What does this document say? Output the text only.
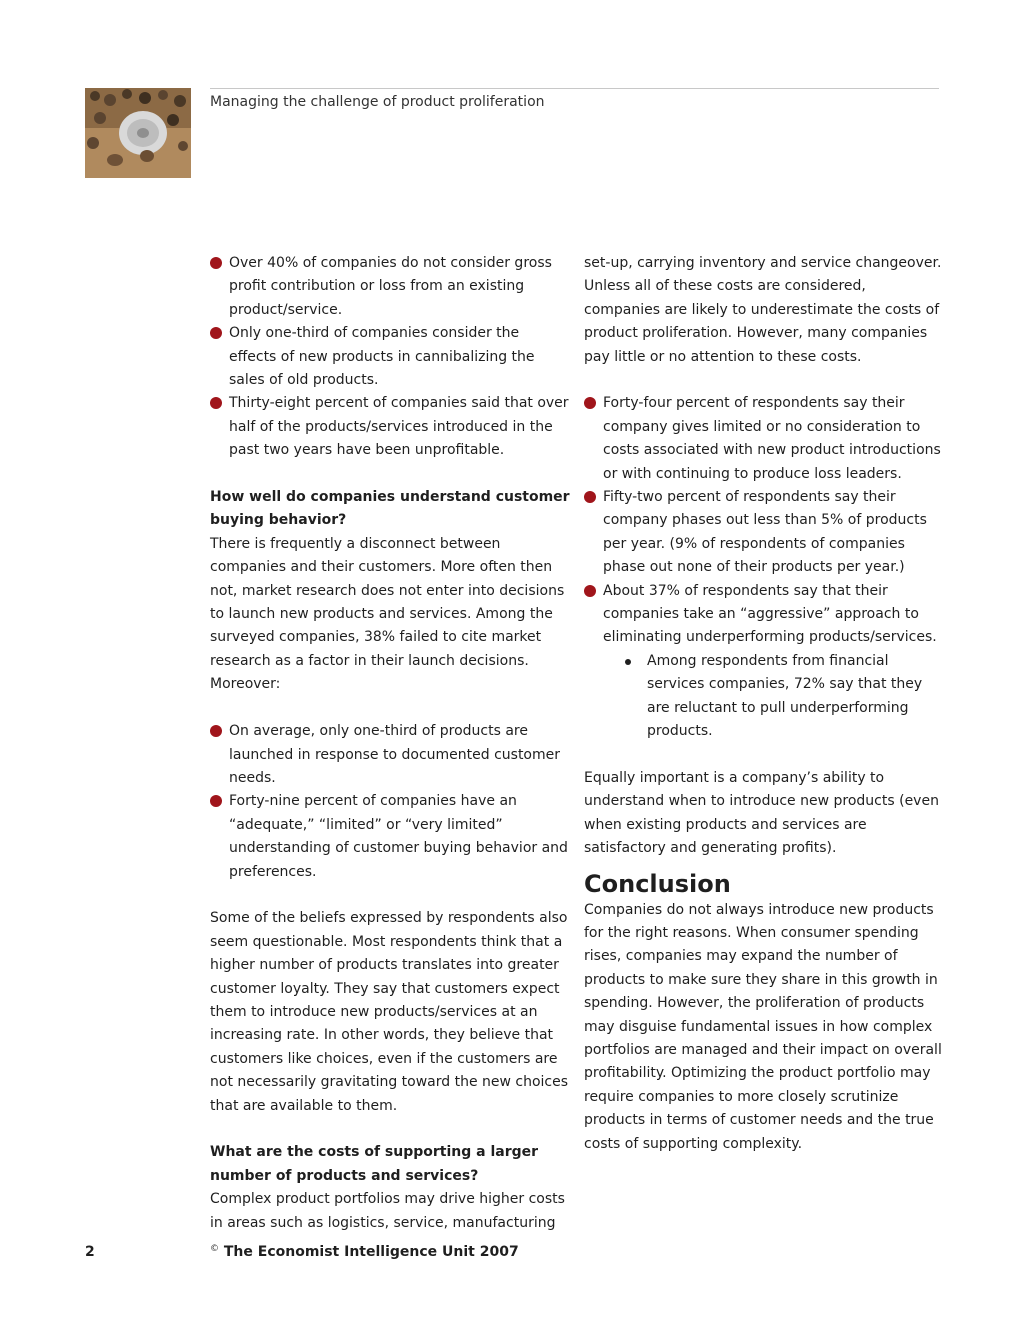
Managing the challenge of product proliferation
Over 40% of companies do not consider gross profit contribution or loss from an existing product/service.
Only one-third of companies consider the effects of new products in cannibalizing the sales of old products.
Thirty-eight percent of companies said that over half of the products/services introduced in the past two years have been unprofitable.

How well do companies understand customer buying behavior?

There is frequently a disconnect between companies and their customers. More often then not, market research does not enter into decisions to launch new products and services. Among the surveyed companies, 38% failed to cite market research as a factor in their launch decisions. Moreover:

On average, only one-third of products are launched in response to documented customer needs.
Forty-nine percent of companies have an “adequate,” “limited” or “very limited” understanding of customer buying behavior and preferences.

Some of the beliefs expressed by respondents also seem questionable. Most respondents think that a higher number of products translates into greater customer loyalty. They say that customers expect them to introduce new products/services at an increasing rate. In other words, they believe that customers like choices, even if the customers are not necessarily gravitating toward the new choices that are available to them.

What are the costs of supporting a larger number of products and services?

Complex product portfolios may drive higher costs in areas such as logistics, service, manufacturing

set-up, carrying inventory and service changeover. Unless all of these costs are considered, companies are likely to underestimate the costs of product proliferation. However, many companies pay little or no attention to these costs.

Forty-four percent of respondents say their company gives limited or no consideration to costs associated with new product introductions or with continuing to produce loss leaders.
Fifty-two percent of respondents say their company phases out less than 5% of products per year. (9% of respondents of companies phase out none of their products per year.)
About 37% of respondents say that their companies take an “aggressive” approach to eliminating underperforming products/services.
Among respondents from financial services companies, 72% say that they are reluctant to pull underperforming products.

Equally important is a company’s ability to understand when to introduce new products (even when existing products and services are satisfactory and generating profits).

Conclusion

Companies do not always introduce new products for the right reasons. When consumer spending rises, companies may expand the number of products to make sure they share in this growth in spending. However, the proliferation of products may disguise fundamental issues in how complex portfolios are managed and their impact on overall profitability. Optimizing the product portfolio may require companies to more closely scrutinize products in terms of customer needs and the true costs of supporting complexity.

2	© The Economist Intelligence Unit 2007
